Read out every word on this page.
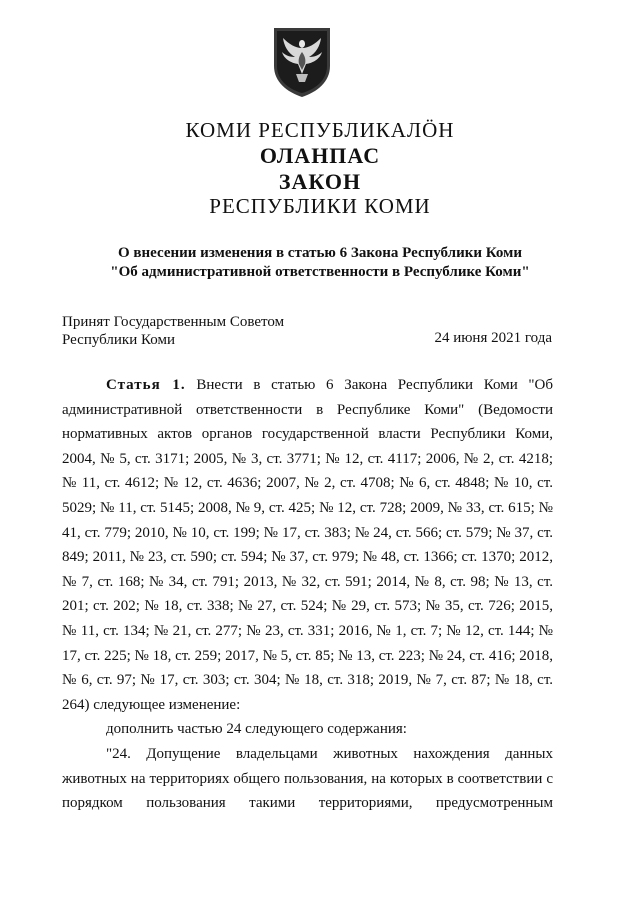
КОМИ РЕСПУБЛИКАЛӦН
ОЛАНПАС
ЗАКОН
РЕСПУБЛИКИ КОМИ
О внесении изменения в статью 6 Закона Республики Коми
"Об административной ответственности в Республике Коми"
Принят Государственным Советом
Республики Коми	24 июня 2021 года

Статья 1. Внести в статью 6 Закона Республики Коми "Об административной ответственности в Республике Коми" (Ведомости нормативных актов органов государственной власти Республики Коми, 2004, № 5, ст. 3171; 2005, № 3, ст. 3771; № 12, ст. 4117; 2006, № 2, ст. 4218; № 11, ст. 4612; № 12, ст. 4636; 2007, № 2, ст. 4708; № 6, ст. 4848; № 10, ст. 5029; № 11, ст. 5145; 2008, № 9, ст. 425; № 12, ст. 728; 2009, № 33, ст. 615; № 41, ст. 779; 2010, № 10, ст. 199; № 17, ст. 383; № 24, ст. 566; ст. 579; № 37, ст. 849; 2011, № 23, ст. 590; ст. 594; № 37, ст. 979; № 48, ст. 1366; ст. 1370; 2012, № 7, ст. 168; № 34, ст. 791; 2013, № 32, ст. 591; 2014, № 8, ст. 98; № 13, ст. 201; ст. 202; № 18, ст. 338; № 27, ст. 524; № 29, ст. 573; № 35, ст. 726; 2015, № 11, ст. 134; № 21, ст. 277; № 23, ст. 331; 2016, № 1, ст. 7; № 12, ст. 144; № 17, ст. 225; № 18, ст. 259; 2017, № 5, ст. 85; № 13, ст. 223; № 24, ст. 416; 2018, № 6, ст. 97; № 17, ст. 303; ст. 304; № 18, ст. 318; 2019, № 7, ст. 87; № 18, ст. 264) следующее изменение:

дополнить частью 24 следующего содержания:

"24. Допущение владельцами животных нахождения данных животных на территориях общего пользования, на которых в соответствии с порядком пользования такими территориями, предусмотренным
